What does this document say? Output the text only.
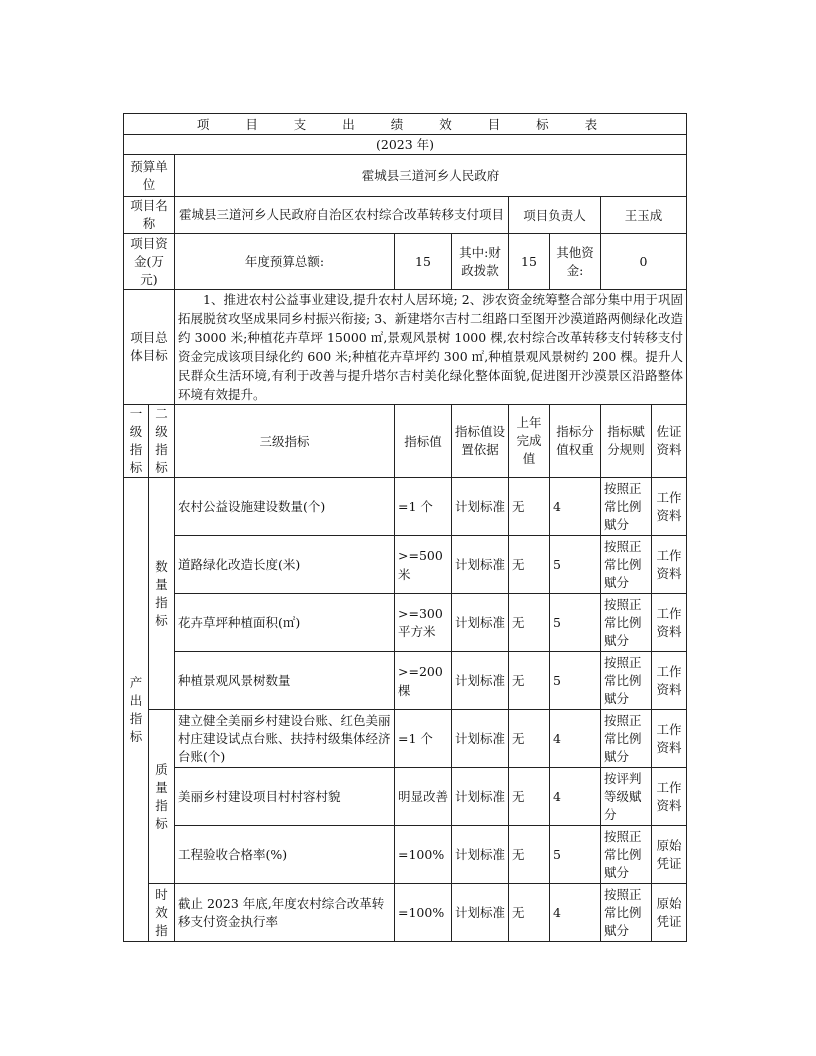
项 目 支 出 绩 效 目 标 表								
(2023 年)								
预算单位		霍城县三道河乡人民政府						
项目名称		霍城县三道河乡人民政府自治区农村综合改革转移支付项目			项目负责人		王玉成	
项目资金(万元)		年度预算总额:	15	其中:财政拨款	15	其他资金:	0	
项目总体目标		1、推进农村公益事业建设,提升农村人居环境; 2、涉农资金统筹整合部分集中用于巩固拓展脱贫攻坚成果同乡村振兴衔接; 3、新建塔尔吉村二组路口至图开沙漠道路两侧绿化改造约 3000 米;种植花卉草坪 15000 ㎡,景观风景树 1000 棵,农村综合改革转移支付转移支付资金完成该项目绿化约 600 米;种植花卉草坪约 300 ㎡,种植景观风景树约 200 棵。提升人民群众生活环境,有利于改善与提升塔尔吉村美化绿化整体面貌,促进图开沙漠景区沿路整体环境有效提升。						
一级指标	二级指标	三级指标	指标值	指标值设置依据	上年完成值	指标分值权重	指标赋分规则	佐证资料
产出指标	数量指标	农村公益设施建设数量(个)	=1 个	计划标准	无	4	按照正常比例赋分	工作资料
		道路绿化改造长度(米)	>=500 米	计划标准	无	5	按照正常比例赋分	工作资料
		花卉草坪种植面积(㎡)	>=300 平方米	计划标准	无	5	按照正常比例赋分	工作资料
		种植景观风景树数量	>=200 棵	计划标准	无	5	按照正常比例赋分	工作资料
	质量指标	建立健全美丽乡村建设台账、红色美丽村庄建设试点台账、扶持村级集体经济台账(个)	=1 个	计划标准	无	4	按照正常比例赋分	工作资料
		美丽乡村建设项目村村容村貌	明显改善	计划标准	无	4	按评判等级赋分	工作资料
		工程验收合格率(%)	=100%	计划标准	无	5	按照正常比例赋分	原始凭证
	时效指	截止 2023 年底,年度农村综合改革转移支付资金执行率	=100%	计划标准	无	4	按照正常比例赋分	原始凭证
